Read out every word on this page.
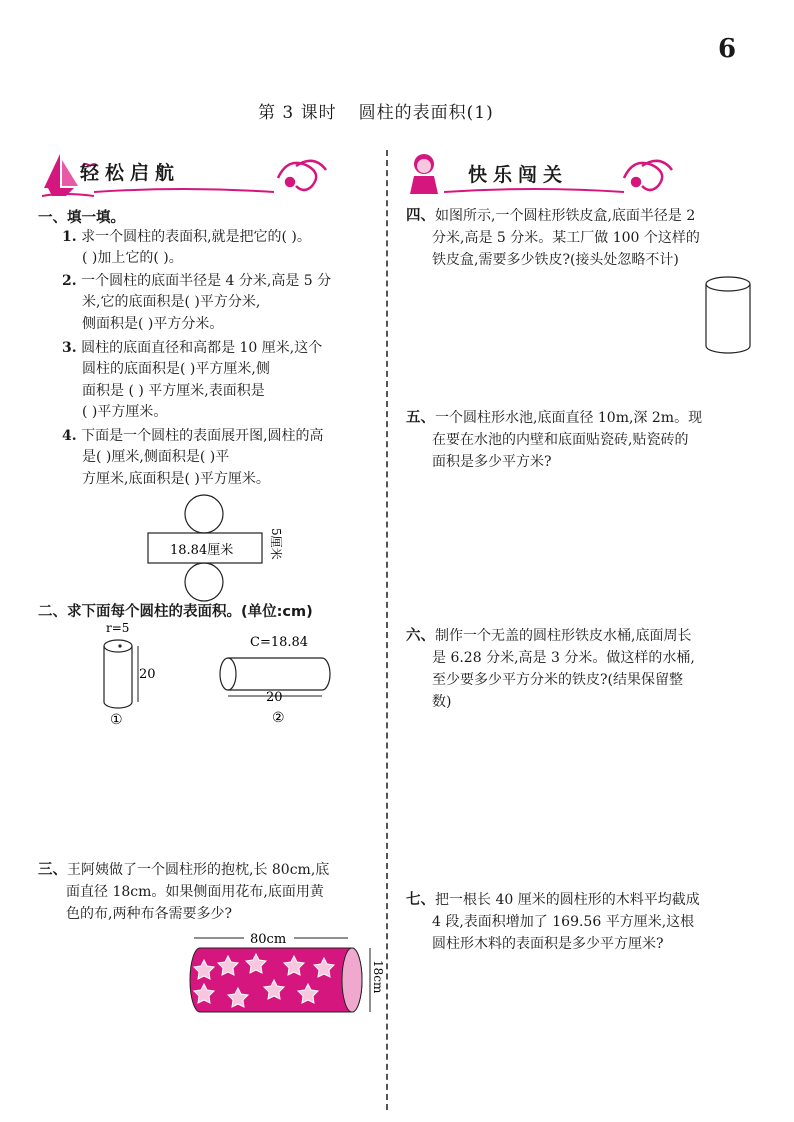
6
第 3 课时 圆柱的表面积(1)
轻松启航	快乐闯关
一、填一填。
1. 求一个圆柱的表面积,就是把它的( )。
( )加上它的( )。
2. 一个圆柱的底面半径是 4 分米,高是 5 分
米,它的底面积是( )平方分米,
侧面积是( )平方分米。
3. 圆柱的底面直径和高都是 10 厘米,这个
圆柱的底面积是( )平方厘米,侧
面积是 ( ) 平方厘米,表面积是
( )平方厘米。
4. 下面是一个圆柱的表面展开图,圆柱的高
是( )厘米,侧面积是( )平
方厘米,底面积是( )平方厘米。
18.84厘米	5厘米
二、求下面每个圆柱的表面积。(单位:cm)
r=5
20
①
C=18.84
20
②
三、王阿姨做了一个圆柱形的抱枕,长 80cm,底
面直径 18cm。如果侧面用花布,底面用黄
色的布,两种布各需要多少?
80cm
18cm
四、如图所示,一个圆柱形铁皮盒,底面半径是 2
分米,高是 5 分米。某工厂做 100 个这样的
铁皮盒,需要多少铁皮?(接头处忽略不计)
五、一个圆柱形水池,底面直径 10m,深 2m。现
在要在水池的内壁和底面贴瓷砖,贴瓷砖的
面积是多少平方米?
六、制作一个无盖的圆柱形铁皮水桶,底面周长
是 6.28 分米,高是 3 分米。做这样的水桶,
至少要多少平方分米的铁皮?(结果保留整
数)
七、把一根长 40 厘米的圆柱形的木料平均截成
4 段,表面积增加了 169.56 平方厘米,这根
圆柱形木料的表面积是多少平方厘米?
